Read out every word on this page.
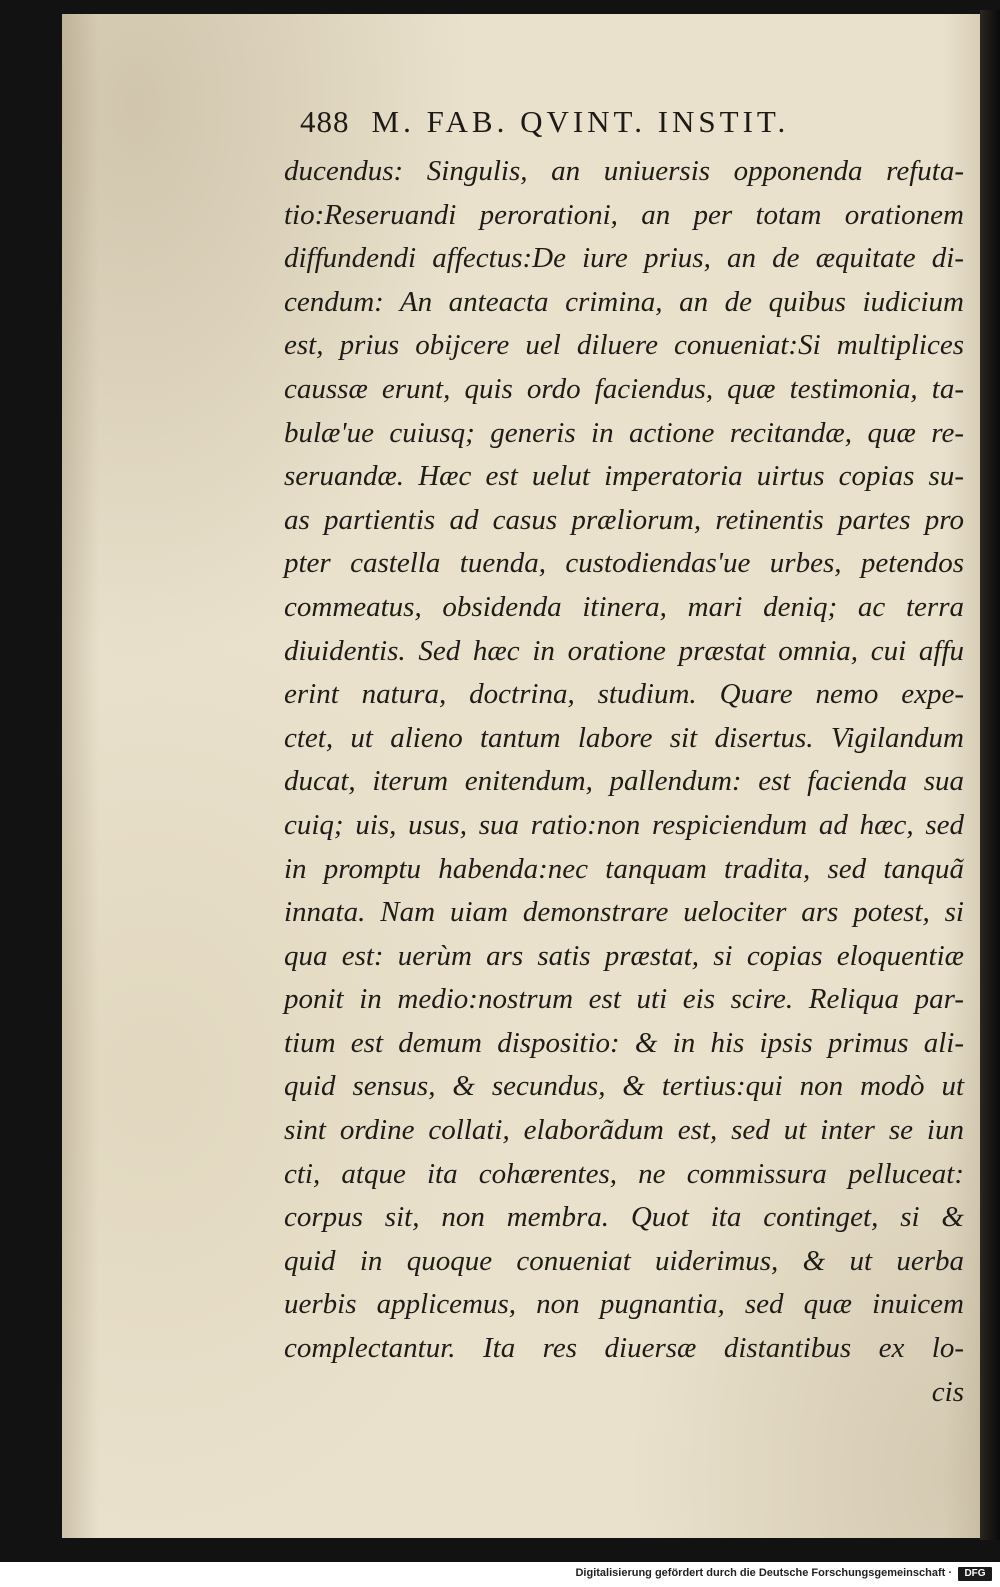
488 M. FAB. QVINT. INSTIT.
ducendus: Singulis, an uniuersis opponenda refuta-
tio:Reseruandi perorationi, an per totam orationem
diffundendi affectus:De iure prius, an de æquitate di-
cendum: An anteacta crimina, an de quibus iudicium
est, prius obijcere uel diluere conueniat:Si multiplices
caussæ erunt, quis ordo faciendus, quæ testimonia, ta-
bulæ'ue cuiusq; generis in actione recitandæ, quæ re-
seruandæ. Hæc est uelut imperatoria uirtus copias su-
as partientis ad casus præliorum, retinentis partes pro
pter castella tuenda, custodiendas'ue urbes, petendos
commeatus, obsidenda itinera, mari deniq; ac terra
diuidentis. Sed hæc in oratione præstat omnia, cui affu
erint natura, doctrina, studium. Quare nemo expe-
ctet, ut alieno tantum labore sit disertus. Vigilandum
ducat, iterum enitendum, pallendum: est facienda sua
cuiq; uis, usus, sua ratio:non respiciendum ad hæc, sed
in promptu habenda:nec tanquam tradita, sed tanquã
innata. Nam uiam demonstrare uelociter ars potest, si
qua est: uerùm ars satis præstat, si copias eloquentiæ
ponit in medio:nostrum est uti eis scire. Reliqua par-
tium est demum dispositio: & in his ipsis primus ali-
quid sensus, & secundus, & tertius:qui non modò ut
sint ordine collati, elaborãdum est, sed ut inter se iun
cti, atque ita cohærentes, ne commissura pelluceat:
corpus sit, non membra. Quot ita continget, si &
quid in quoque conueniat uiderimus, & ut uerba
uerbis applicemus, non pugnantia, sed quæ inuicem
complectantur. Ita res diuersæ distantibus ex lo-
cis
Digitalisierung gefördert durch die Deutsche Forschungsgemeinschaft ·	DFG
